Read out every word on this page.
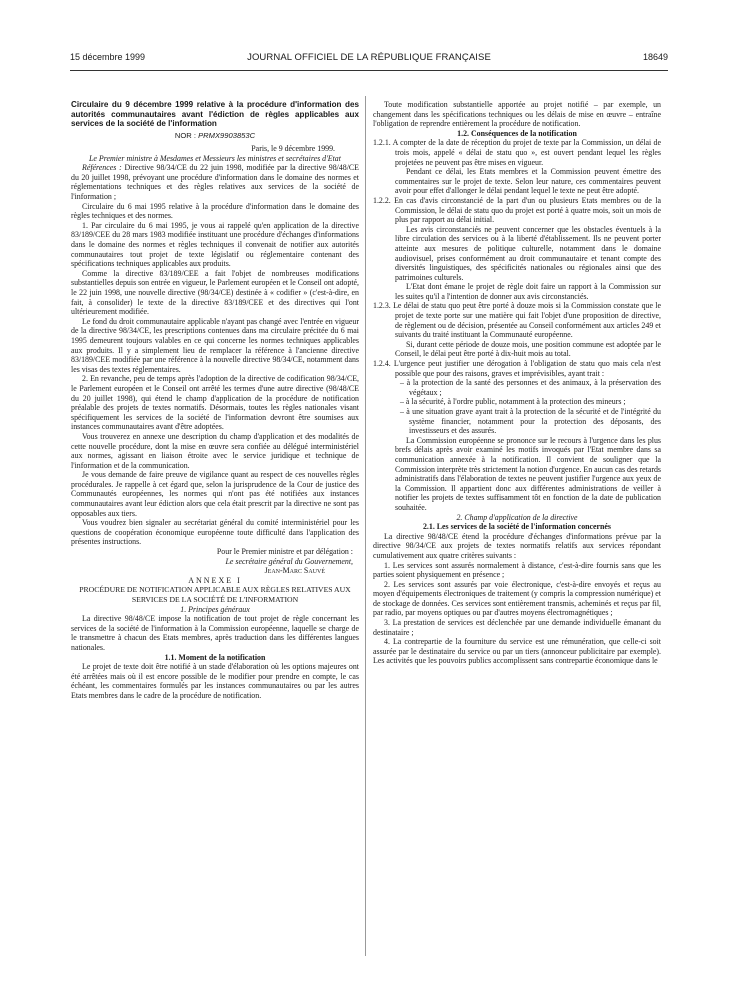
15 décembre 1999	JOURNAL OFFICIEL DE LA RÉPUBLIQUE FRANÇAISE	18649

Circulaire du 9 décembre 1999 relative à la procédure d'information des autorités communautaires avant l'édiction de règles applicables aux services de la société de l'information

NOR : PRMX9903853C

Paris, le 9 décembre 1999.

Le Premier ministre à Mesdames et Messieurs les ministres et secrétaires d'Etat

Références : Directive 98/34/CE du 22 juin 1998, modifiée par la directive 98/48/CE du 20 juillet 1998, prévoyant une procédure d'information dans le domaine des normes et réglementations techniques et des règles relatives aux services de la société de l'information ;

Circulaire du 6 mai 1995 relative à la procédure d'information dans le domaine des règles techniques et des normes.

1. Par circulaire du 6 mai 1995, je vous ai rappelé qu'en application de la directive 83/189/CEE du 28 mars 1983 modifiée instituant une procédure d'échanges d'informations dans le domaine des normes et règles techniques il convenait de notifier aux autorités communautaires tout projet de texte législatif ou réglementaire contenant des spécifications techniques applicables aux produits.

Comme la directive 83/189/CEE a fait l'objet de nombreuses modifications substantielles depuis son entrée en vigueur, le Parlement européen et le Conseil ont adopté, le 22 juin 1998, une nouvelle directive (98/34/CE) destinée à « codifier » (c'est-à-dire, en fait, à consolider) le texte de la directive 83/189/CEE et des directives qui l'ont ultérieurement modifiée.

Le fond du droit communautaire applicable n'ayant pas changé avec l'entrée en vigueur de la directive 98/34/CE, les prescriptions contenues dans ma circulaire précitée du 6 mai 1995 demeurent toujours valables en ce qui concerne les normes techniques applicables aux produits. Il y a simplement lieu de remplacer la référence à l'ancienne directive 83/189/CEE modifiée par une référence à la nouvelle directive 98/34/CE, notamment dans les visas des textes réglementaires.

2. En revanche, peu de temps après l'adoption de la directive de codification 98/34/CE, le Parlement européen et le Conseil ont arrêté les termes d'une autre directive (98/48/CE du 20 juillet 1998), qui étend le champ d'application de la procédure de notification préalable des projets de textes normatifs. Désormais, toutes les règles nationales visant spécifiquement les services de la société de l'information devront être soumises aux instances communautaires avant d'être adoptées.

Vous trouverez en annexe une description du champ d'application et des modalités de cette nouvelle procédure, dont la mise en œuvre sera confiée au délégué interministériel aux normes, agissant en liaison étroite avec le service juridique et technique de l'information et de la communication.

Je vous demande de faire preuve de vigilance quant au respect de ces nouvelles règles procédurales. Je rappelle à cet égard que, selon la jurisprudence de la Cour de justice des Communautés européennes, les normes qui n'ont pas été notifiées aux instances communautaires avant leur édiction alors que cela était prescrit par la directive ne sont pas opposables aux tiers.

Vous voudrez bien signaler au secrétariat général du comité interministériel pour les questions de coopération économique européenne toute difficulté dans l'application des présentes instructions.

Pour le Premier ministre et par délégation :

Le secrétaire général du Gouvernement,

Jean-Marc Sauvé

ANNEXE I

PROCÉDURE DE NOTIFICATION APPLICABLE AUX RÈGLES RELATIVES AUX SERVICES DE LA SOCIÉTÉ DE L'INFORMATION

1. Principes généraux

La directive 98/48/CE impose la notification de tout projet de règle concernant les services de la société de l'information à la Commission européenne, laquelle se charge de le transmettre à chacun des Etats membres, après traduction dans les différentes langues nationales.

1.1. Moment de la notification

Le projet de texte doit être notifié à un stade d'élaboration où les options majeures ont été arrêtées mais où il est encore possible de le modifier pour prendre en compte, le cas échéant, les commentaires formulés par les instances communautaires ou par les autres Etats membres dans le cadre de la procédure de notification.

Toute modification substantielle apportée au projet notifié – par exemple, un changement dans les spécifications techniques ou les délais de mise en œuvre – entraîne l'obligation de reprendre entièrement la procédure de notification.

1.2. Conséquences de la notification

1.2.1. A compter de la date de réception du projet de texte par la Commission, un délai de trois mois, appelé « délai de statu quo », est ouvert pendant lequel les règles projetées ne peuvent pas être mises en vigueur.

Pendant ce délai, les Etats membres et la Commission peuvent émettre des commentaires sur le projet de texte. Selon leur nature, ces commentaires peuvent avoir pour effet d'allonger le délai pendant lequel le texte ne peut être adopté.

1.2.2. En cas d'avis circonstancié de la part d'un ou plusieurs Etats membres ou de la Commission, le délai de statu quo du projet est porté à quatre mois, soit un mois de plus par rapport au délai initial.

Les avis circonstanciés ne peuvent concerner que les obstacles éventuels à la libre circulation des services ou à la liberté d'établissement. Ils ne peuvent porter atteinte aux mesures de politique culturelle, notamment dans le domaine audiovisuel, prises conformément au droit communautaire et tenant compte des diversités linguistiques, des spécificités nationales ou régionales ainsi que des patrimoines culturels.

L'Etat dont émane le projet de règle doit faire un rapport à la Commission sur les suites qu'il a l'intention de donner aux avis circonstanciés.

1.2.3. Le délai de statu quo peut être porté à douze mois si la Commission constate que le projet de texte porte sur une matière qui fait l'objet d'une proposition de directive, de règlement ou de décision, présentée au Conseil conformément aux articles 249 et suivants du traité instituant la Communauté européenne.

Si, durant cette période de douze mois, une position commune est adoptée par le Conseil, le délai peut être porté à dix-huit mois au total.

1.2.4. L'urgence peut justifier une dérogation à l'obligation de statu quo mais cela n'est possible que pour des raisons, graves et imprévisibles, ayant trait :

– à la protection de la santé des personnes et des animaux, à la préservation des végétaux ;

– à la sécurité, à l'ordre public, notamment à la protection des mineurs ;

– à une situation grave ayant trait à la protection de la sécurité et de l'intégrité du système financier, notamment pour la protection des déposants, des investisseurs et des assurés.

La Commission européenne se prononce sur le recours à l'urgence dans les plus brefs délais après avoir examiné les motifs invoqués par l'Etat membre dans sa communication annexée à la notification. Il convient de souligner que la Commission interprète très strictement la notion d'urgence. En aucun cas des retards administratifs dans l'élaboration de textes ne peuvent justifier l'urgence aux yeux de la Commission. Il appartient donc aux différentes administrations de veiller à notifier les projets de textes suffisamment tôt en fonction de la date de publication souhaitée.

2. Champ d'application de la directive

2.1. Les services de la société de l'information concernés

La directive 98/48/CE étend la procédure d'échanges d'informations prévue par la directive 98/34/CE aux projets de textes normatifs relatifs aux services répondant cumulativement aux quatre critères suivants :

1. Les services sont assurés normalement à distance, c'est-à-dire fournis sans que les parties soient physiquement en présence ;

2. Les services sont assurés par voie électronique, c'est-à-dire envoyés et reçus au moyen d'équipements électroniques de traitement (y compris la compression numérique) et de stockage de données. Ces services sont entièrement transmis, acheminés et reçus par fil, par radio, par moyens optiques ou par d'autres moyens électromagnétiques ;

3. La prestation de services est déclenchée par une demande individuelle émanant du destinataire ;

4. La contrepartie de la fourniture du service est une rémunération, que celle-ci soit assurée par le destinataire du service ou par un tiers (annonceur publicitaire par exemple). Les activités que les pouvoirs publics accomplissent sans contrepartie économique dans le
